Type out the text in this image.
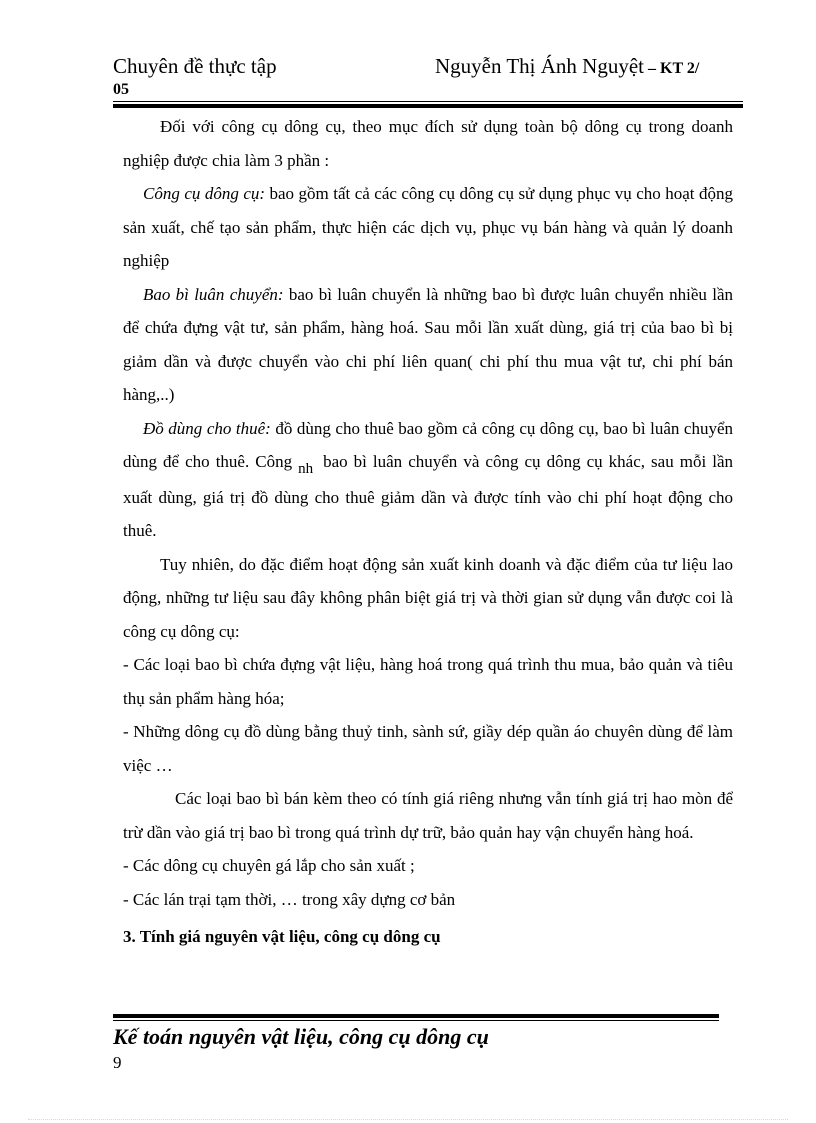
Chuyên đề thực tập	Nguyễn Thị Ánh Nguyệt – KT 2/
05

Đối với công cụ dông cụ, theo mục đích sử dụng toàn bộ dông cụ trong doanh nghiệp được chia làm 3 phần :

Công cụ dông cụ: bao gồm tất cả các công cụ dông cụ sử dụng phục vụ cho hoạt động sản xuất, chế tạo sản phẩm, thực hiện các dịch vụ, phục vụ bán hàng và quản lý doanh nghiệp

Bao bì luân chuyển: bao bì luân chuyển là những bao bì được luân chuyển nhiều lần để chứa đựng vật tư, sản phẩm, hàng hoá. Sau mỗi lần xuất dùng, giá trị của bao bì bị giảm dần và được chuyển vào chi phí liên quan( chi phí thu mua vật tư, chi phí bán hàng,..)

Đồ dùng cho thuê: đồ dùng cho thuê bao gồm cả công cụ dông cụ, bao bì luân chuyển dùng để cho thuê. Công nh bao bì luân chuyển và công cụ dông cụ khác, sau mỗi lần xuất dùng, giá trị đồ dùng cho thuê giảm dần và được tính vào chi phí hoạt động cho thuê.

Tuy nhiên, do đặc điểm hoạt động sản xuất kinh doanh và đặc điểm của tư liệu lao động, những tư liệu sau đây không phân biệt giá trị và thời gian sử dụng vẫn được coi là công cụ dông cụ:

- Các loại bao bì chứa đựng vật liệu, hàng hoá trong quá trình thu mua, bảo quản và tiêu thụ sản phẩm hàng hóa;

- Những dông cụ đồ dùng bằng thuỷ tinh, sành sứ, giầy dép quần áo chuyên dùng để làm việc …

Các loại bao bì bán kèm theo có tính giá riêng nhưng vẫn tính giá trị hao mòn để trừ dần vào giá trị bao bì trong quá trình dự trữ, bảo quản hay vận chuyển hàng hoá.

- Các dông cụ chuyên gá lắp cho sản xuất ;

- Các lán trại tạm thời, … trong xây dựng cơ bản

3. Tính giá nguyên vật liệu, công cụ dông cụ

Kế toán nguyên vật liệu, công cụ dông cụ
9
